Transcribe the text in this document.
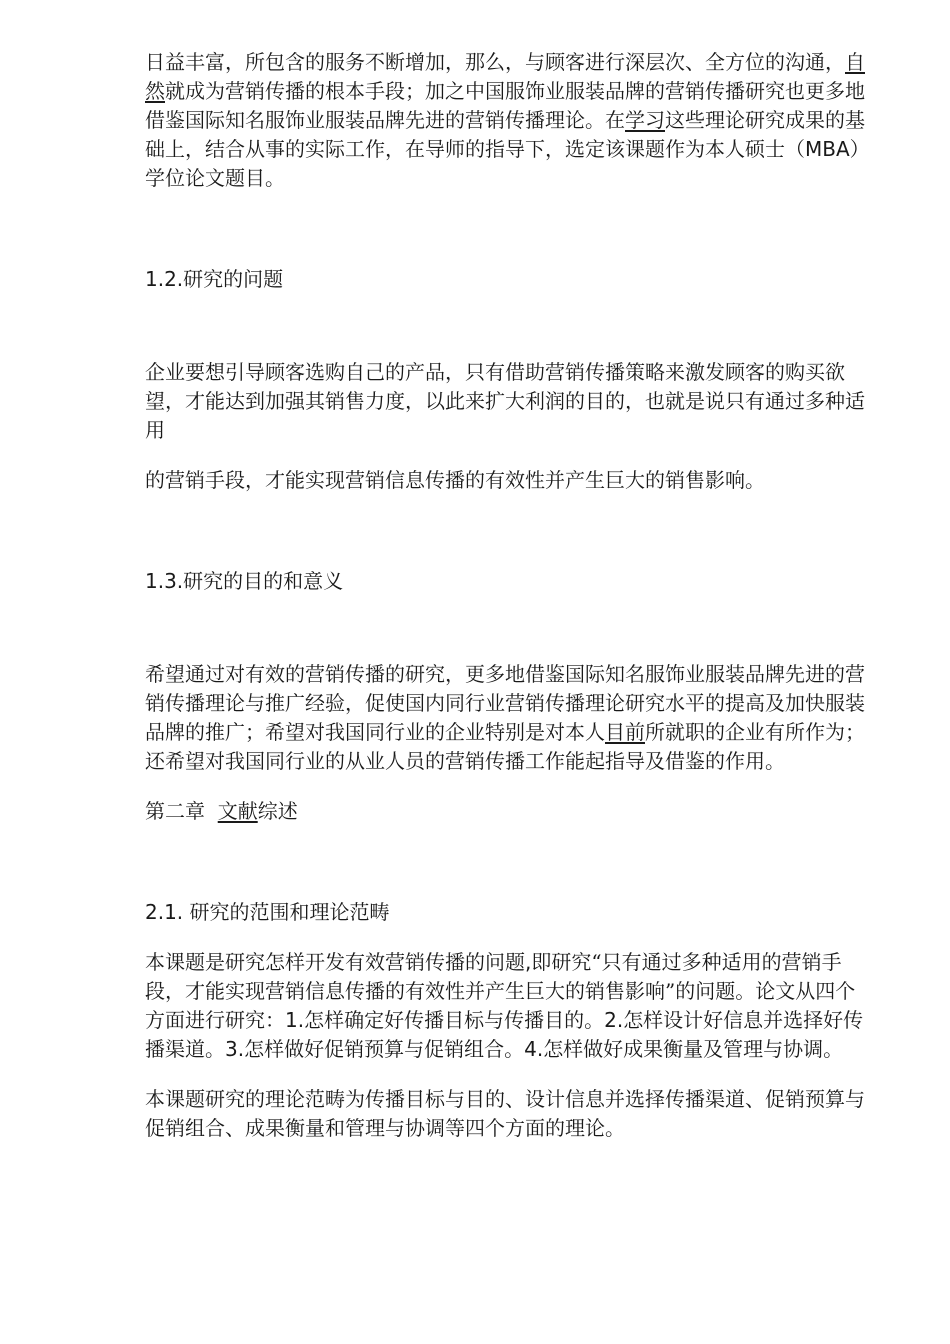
日益丰富，所包含的服务不断增加，那么，与顾客进行深层次、全方位的沟通，自然就成为营销传播的根本手段；加之中国服饰业服装品牌的营销传播研究也更多地借鉴国际知名服饰业服装品牌先进的营销传播理论。在学习这些理论研究成果的基础上，结合从事的实际工作，在导师的指导下，选定该课题作为本人硕士（MBA）学位论文题目。

1.2.研究的问题

企业要想引导顾客选购自己的产品，只有借助营销传播策略来激发顾客的购买欲望，才能达到加强其销售力度，以此来扩大利润的目的，也就是说只有通过多种适用

的营销手段，才能实现营销信息传播的有效性并产生巨大的销售影响。

1.3.研究的目的和意义

希望通过对有效的营销传播的研究，更多地借鉴国际知名服饰业服装品牌先进的营销传播理论与推广经验，促使国内同行业营销传播理论研究水平的提高及加快服装品牌的推广；希望对我国同行业的企业特别是对本人目前所就职的企业有所作为；还希望对我国同行业的从业人员的营销传播工作能起指导及借鉴的作用。

第二章  文献综述

2.1. 研究的范围和理论范畴

本课题是研究怎样开发有效营销传播的问题,即研究“只有通过多种适用的营销手段，才能实现营销信息传播的有效性并产生巨大的销售影响”的问题。论文从四个方面进行研究：1.怎样确定好传播目标与传播目的。2.怎样设计好信息并选择好传播渠道。3.怎样做好促销预算与促销组合。4.怎样做好成果衡量及管理与协调。

本课题研究的理论范畴为传播目标与目的、设计信息并选择传播渠道、促销预算与促销组合、成果衡量和管理与协调等四个方面的理论。
